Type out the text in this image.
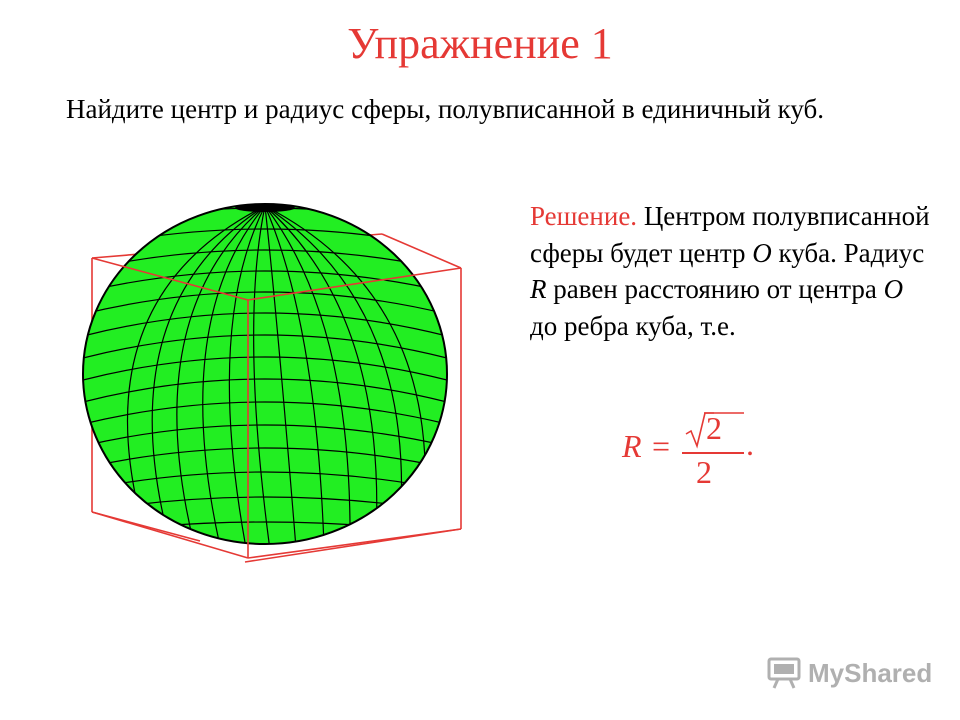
Упражнение 1
Найдите центр и радиус сферы, полувписанной в единичный куб.
Решение. Центром полувписанной сферы будет центр O куба. Радиус R равен расстоянию от центра O до ребра куба, т.е.
R = 2
2
.
MyShared
